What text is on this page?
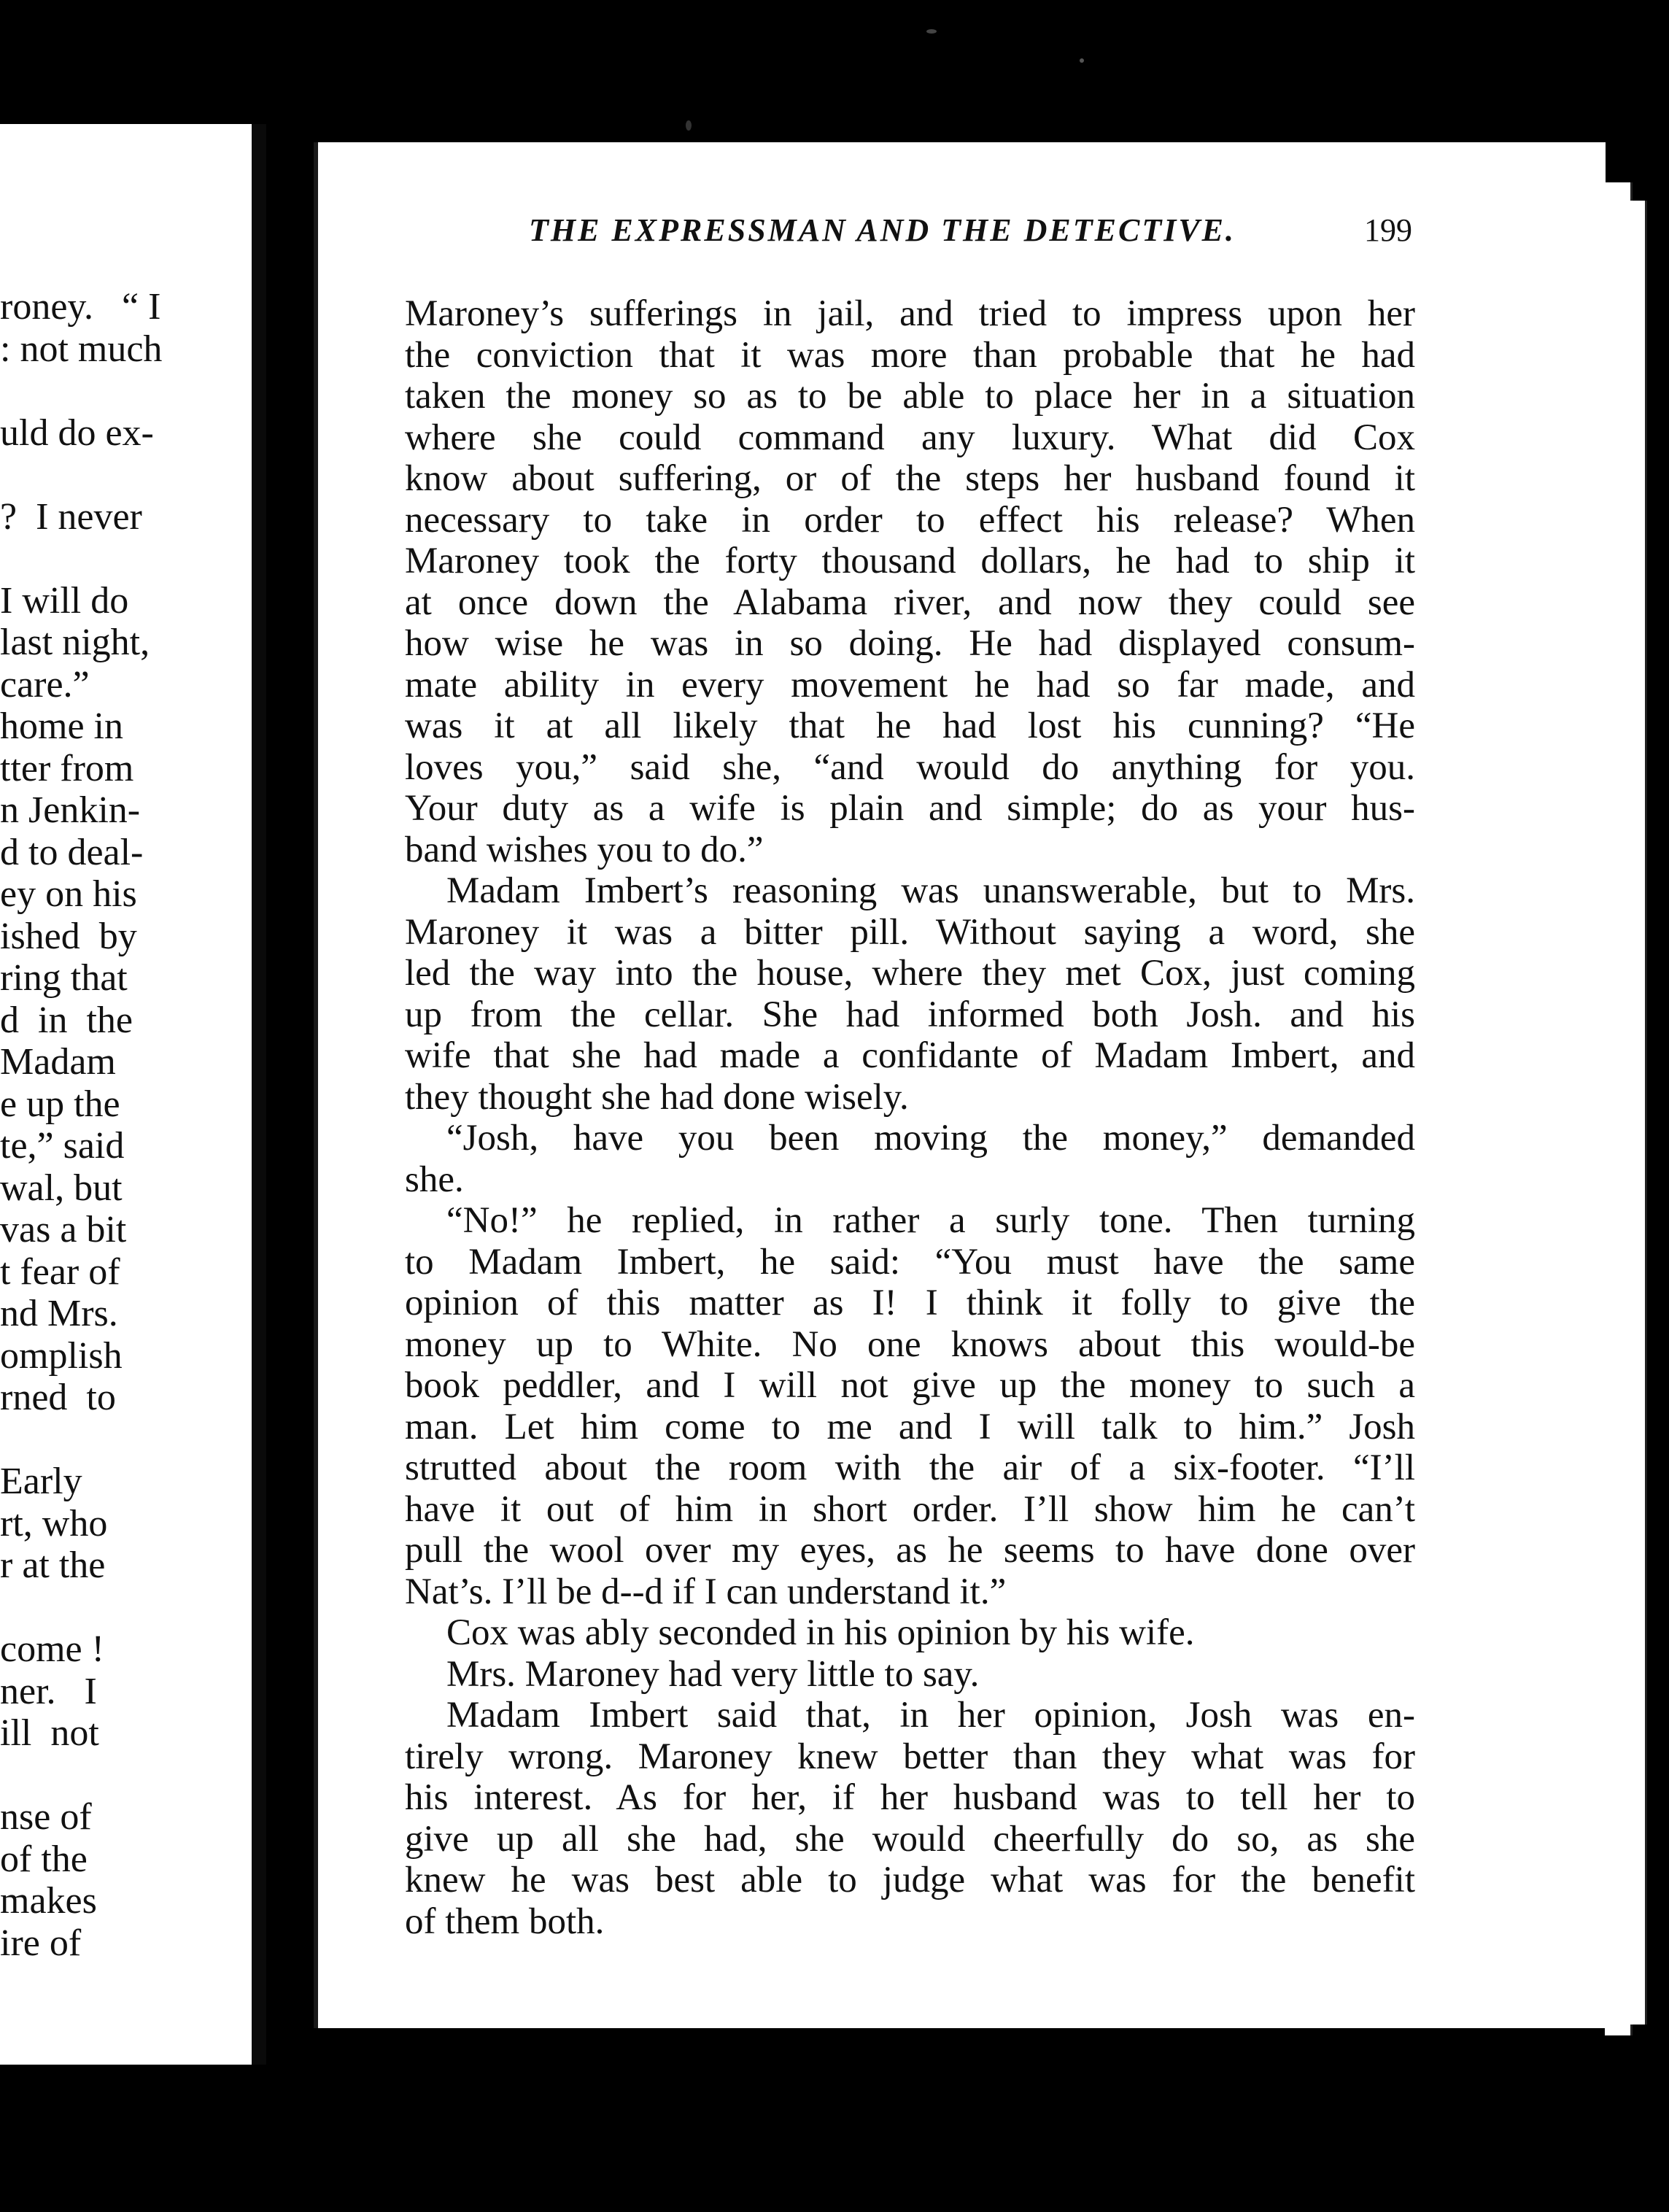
roney.   “ I
: not much
uld do ex-
?  I never
I will do
last night,
care.”
home in
tter from
n Jenkin-
d to deal-
ey on his
ished  by
ring that
d  in  the
Madam
e up the
te,” said
wal, but
vas a bit
t fear of
nd Mrs.
omplish
rned  to
Early
rt, who
r at the
come !
ner.   I
ill  not
nse of
of the
makes
ire of
THE EXPRESSMAN AND THE DETECTIVE.	199
Maroney’s sufferings in jail, and tried to impress upon her
the conviction that it was more than probable that he had
taken the money so as to be able to place her in a situation
where she could command any luxury. What did Cox
know about suffering, or of the steps her husband found it
necessary to take in order to effect his release? When
Maroney took the forty thousand dollars, he had to ship it
at once down the Alabama river, and now they could see
how wise he was in so doing. He had displayed consum-
mate ability in every movement he had so far made, and
was it at all likely that he had lost his cunning? “He
loves you,” said she, “and would do anything for you.
Your duty as a wife is plain and simple; do as your hus-
band wishes you to do.”
Madam Imbert’s reasoning was unanswerable, but to Mrs.
Maroney it was a bitter pill. Without saying a word, she
led the way into the house, where they met Cox, just coming
up from the cellar. She had informed both Josh. and his
wife that she had made a confidante of Madam Imbert, and
they thought she had done wisely.
“Josh, have you been moving the money,” demanded
she.
“No!” he replied, in rather a surly tone. Then turning
to Madam Imbert, he said: “You must have the same
opinion of this matter as I! I think it folly to give the
money up to White. No one knows about this would-be
book peddler, and I will not give up the money to such a
man. Let him come to me and I will talk to him.” Josh
strutted about the room with the air of a six-footer. “I’ll
have it out of him in short order. I’ll show him he can’t
pull the wool over my eyes, as he seems to have done over
Nat’s. I’ll be d--d if I can understand it.”
Cox was ably seconded in his opinion by his wife.
Mrs. Maroney had very little to say.
Madam Imbert said that, in her opinion, Josh was en-
tirely wrong. Maroney knew better than they what was for
his interest. As for her, if her husband was to tell her to
give up all she had, she would cheerfully do so, as she
knew he was best able to judge what was for the benefit
of them both.
